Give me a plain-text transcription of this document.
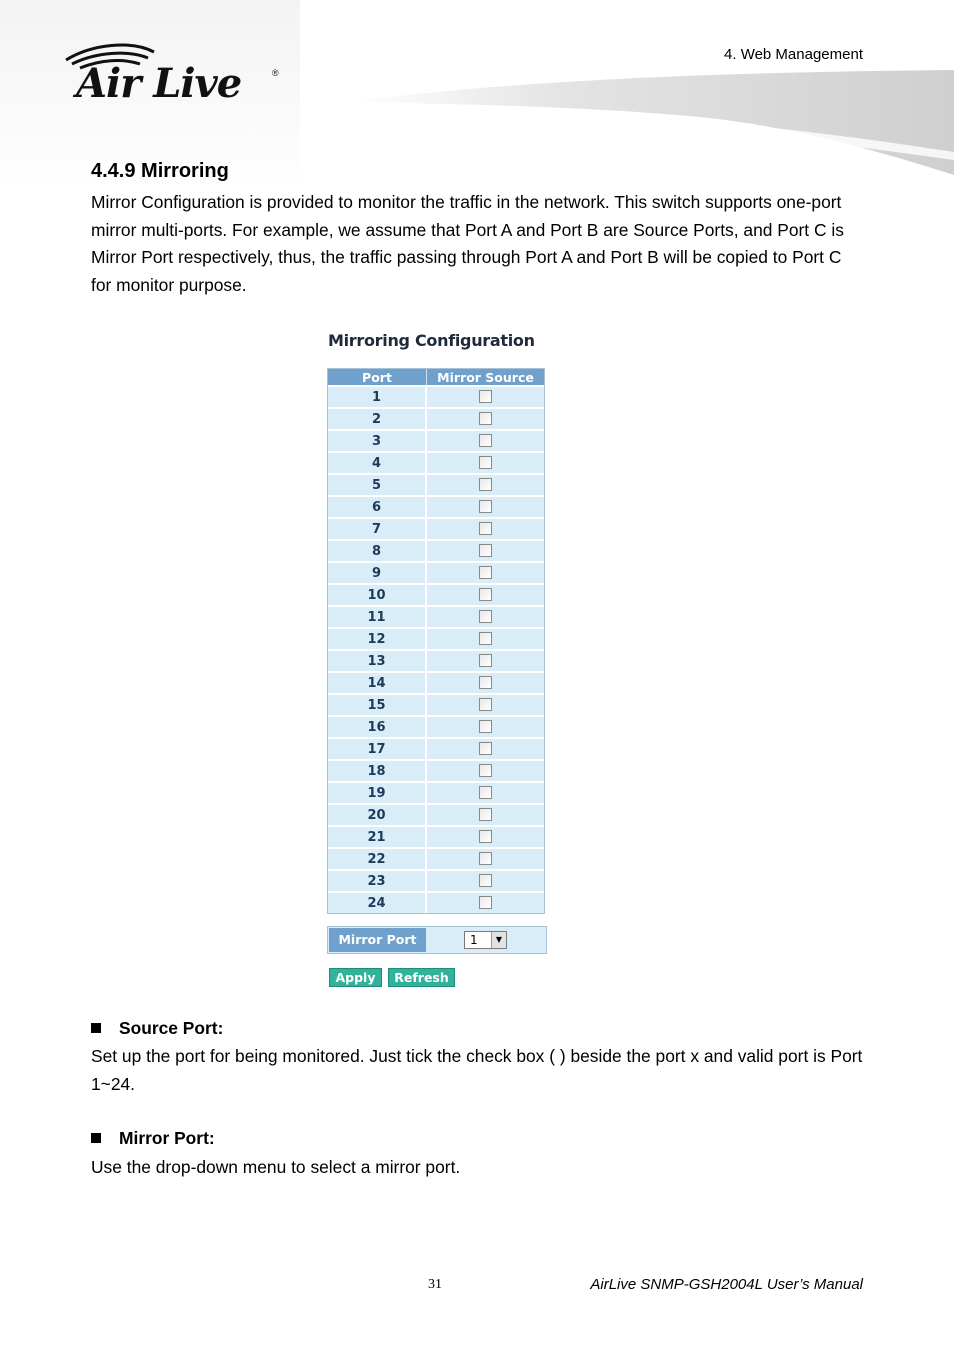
Air Live	®
4. Web Management
4.4.9 Mirroring

Mirror Configuration is provided to monitor the traffic in the network. This switch supports one-port mirror multi-ports. For example, we assume that Port A and Port B are Source Ports, and Port C is Mirror Port respectively, thus, the traffic passing through Port A and Port B will be copied to Port C for monitor purpose.

Mirroring Configuration
Port	Mirror Source
1	
2	
3	
4	
5	
6	
7	
8	
9	
10	
11	
12	
13	
14	
15	
16	
17	
18	
19	
20	
21	
22	
23	
24	
Mirror Port	1	▼
Apply	Refresh
Source Port:

Set up the port for being monitored. Just tick the check box ( ) beside the port x and valid port is Port 1~24.

Mirror Port:

Use the drop-down menu to select a mirror port.

31	AirLive SNMP-GSH2004L User’s Manual
